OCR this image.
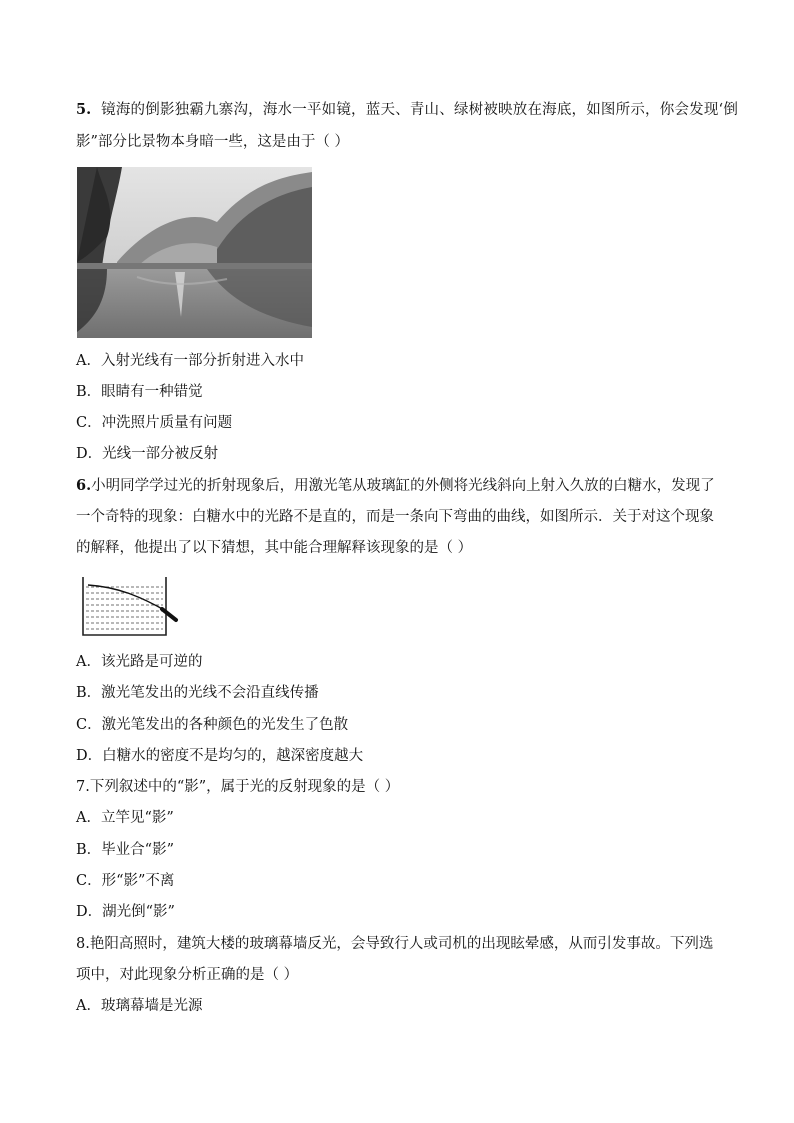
5. 镜海的倒影独霸九寨沟，海水一平如镜，蓝天、青山、绿树被映放在海底，如图所示，你会发现‘倒
影”部分比景物本身暗一些，这是由于（ ）
A．入射光线有一部分折射进入水中
B．眼睛有一种错觉
C．冲洗照片质量有问题
D．光线一部分被反射
6.小明同学学过光的折射现象后，用激光笔从玻璃缸的外侧将光线斜向上射入久放的白糖水，发现了
一个奇特的现象：白糖水中的光路不是直的，而是一条向下弯曲的曲线，如图所示．关于对这个现象
的解释，他提出了以下猜想，其中能合理解释该现象的是（ ）
A．该光路是可逆的
B．激光笔发出的光线不会沿直线传播
C．激光笔发出的各种颜色的光发生了色散
D．白糖水的密度不是均匀的，越深密度越大
7.下列叙述中的“影”，属于光的反射现象的是（ ）
A．立竿见“影”
B．毕业合“影”
C．形“影”不离
D．湖光倒“影”
8.艳阳高照时，建筑大楼的玻璃幕墙反光，会导致行人或司机的出现眩晕感，从而引发事故。下列选
项中，对此现象分析正确的是（ ）
A．玻璃幕墙是光源
